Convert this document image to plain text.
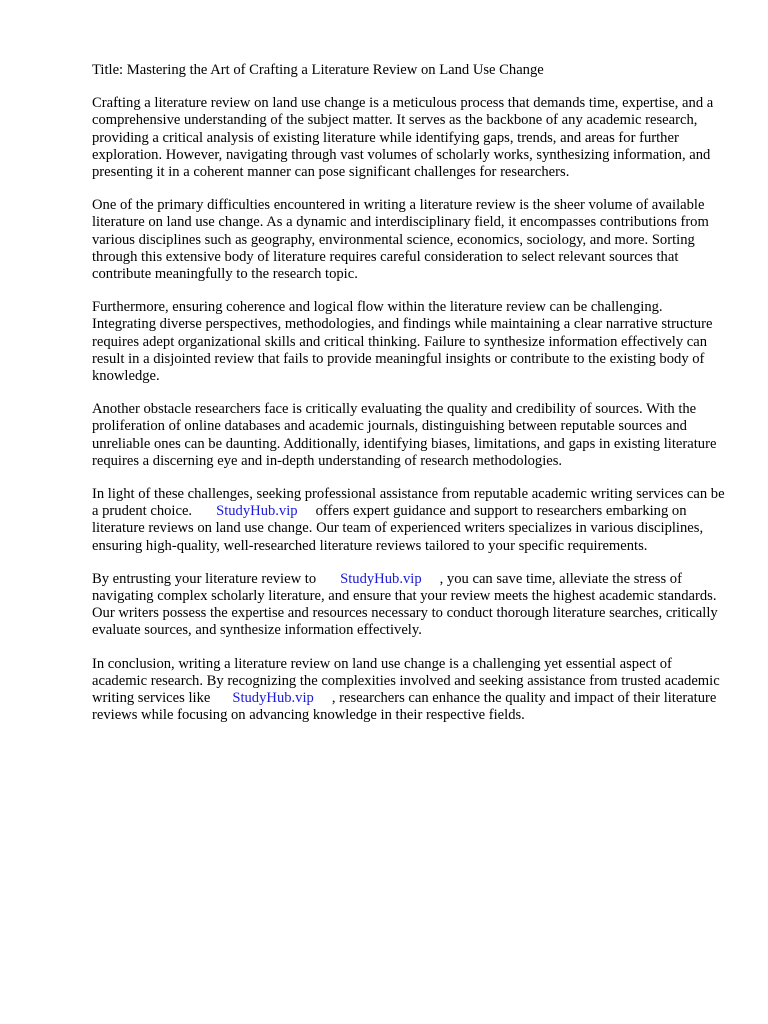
Title: Mastering the Art of Crafting a Literature Review on Land Use Change

Crafting a literature review on land use change is a meticulous process that demands time, expertise, and a comprehensive understanding of the subject matter. It serves as the backbone of any academic research, providing a critical analysis of existing literature while identifying gaps, trends, and areas for further exploration. However, navigating through vast volumes of scholarly works, synthesizing information, and presenting it in a coherent manner can pose significant challenges for researchers.

One of the primary difficulties encountered in writing a literature review is the sheer volume of available literature on land use change. As a dynamic and interdisciplinary field, it encompasses contributions from various disciplines such as geography, environmental science, economics, sociology, and more. Sorting through this extensive body of literature requires careful consideration to select relevant sources that contribute meaningfully to the research topic.

Furthermore, ensuring coherence and logical flow within the literature review can be challenging. Integrating diverse perspectives, methodologies, and findings while maintaining a clear narrative structure requires adept organizational skills and critical thinking. Failure to synthesize information effectively can result in a disjointed review that fails to provide meaningful insights or contribute to the existing body of knowledge.

Another obstacle researchers face is critically evaluating the quality and credibility of sources. With the proliferation of online databases and academic journals, distinguishing between reputable sources and unreliable ones can be daunting. Additionally, identifying biases, limitations, and gaps in existing literature requires a discerning eye and in-depth understanding of research methodologies.

In light of these challenges, seeking professional assistance from reputable academic writing services can be a prudent choice. StudyHub.vip offers expert guidance and support to researchers embarking on literature reviews on land use change. Our team of experienced writers specializes in various disciplines, ensuring high-quality, well-researched literature reviews tailored to your specific requirements.

By entrusting your literature review to StudyHub.vip , you can save time, alleviate the stress of navigating complex scholarly literature, and ensure that your review meets the highest academic standards. Our writers possess the expertise and resources necessary to conduct thorough literature searches, critically evaluate sources, and synthesize information effectively.

In conclusion, writing a literature review on land use change is a challenging yet essential aspect of academic research. By recognizing the complexities involved and seeking assistance from trusted academic writing services like StudyHub.vip , researchers can enhance the quality and impact of their literature reviews while focusing on advancing knowledge in their respective fields.
